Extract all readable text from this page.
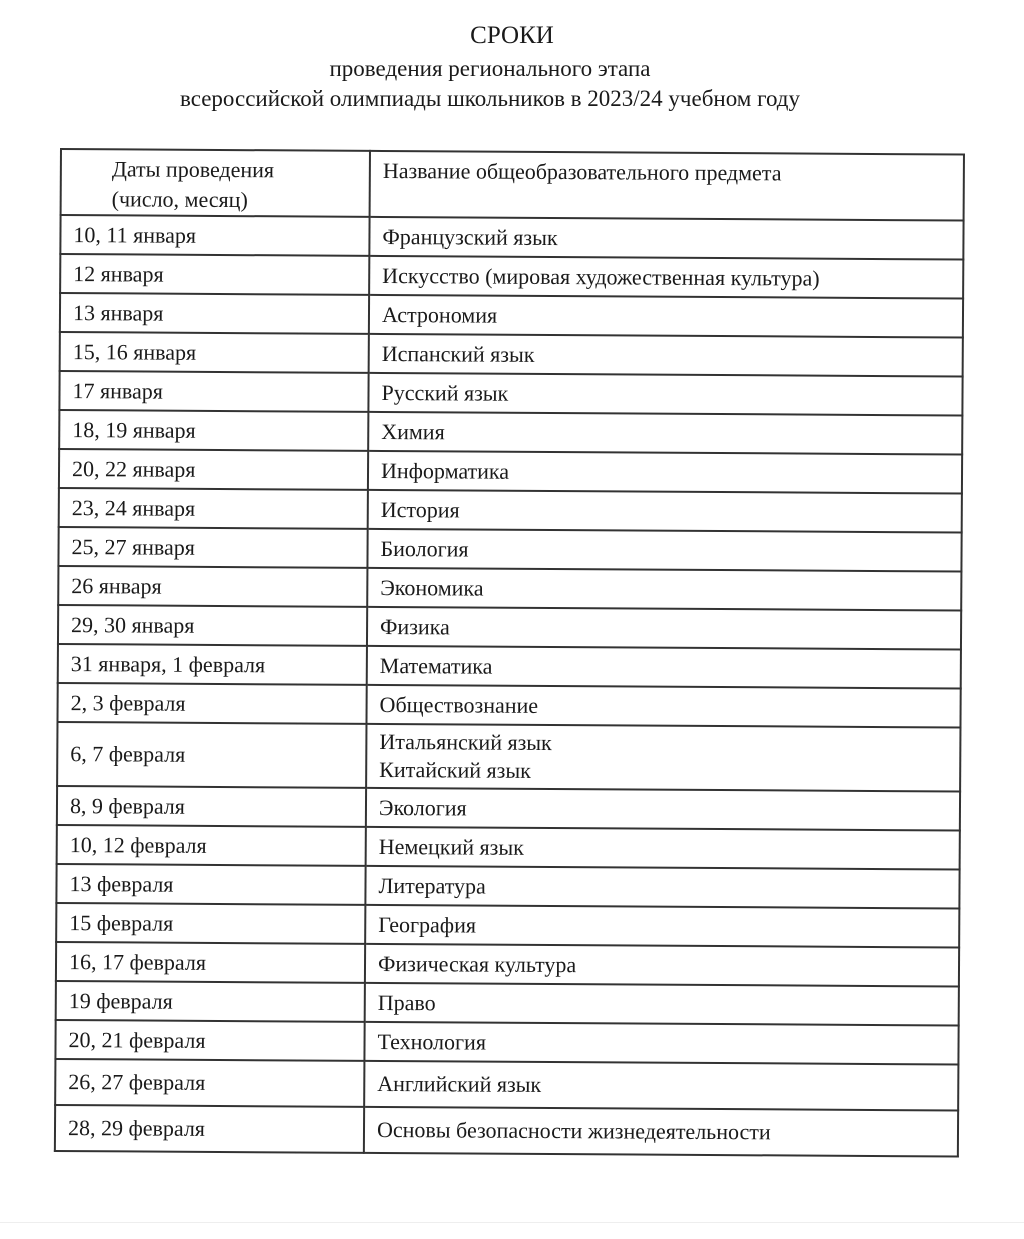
СРОКИ
проведения регионального этапа
всероссийской олимпиады школьников в 2023/24 учебном году
Даты проведения
(число, месяц)	Название общеобразовательного предмета
10, 11 января	Французский язык

12 января	Искусство (мировая художественная культура)

13 января	Астрономия

15, 16 января	Испанский язык

17 января	Русский язык

18, 19 января	Химия

20, 22 января	Информатика

23, 24 января	История

25, 27 января	Биология

26 января	Экономика

29, 30 января	Физика

31 января, 1 февраля	Математика

2, 3 февраля	Обществознание

6, 7 февраля	Итальянский язык
Китайский язык

8, 9 февраля	Экология

10, 12 февраля	Немецкий язык

13 февраля	Литература

15 февраля	География

16, 17 февраля	Физическая культура

19 февраля	Право

20, 21 февраля	Технология

26, 27 февраля	Английский язык

28, 29 февраля	Основы безопасности жизнедеятельности
